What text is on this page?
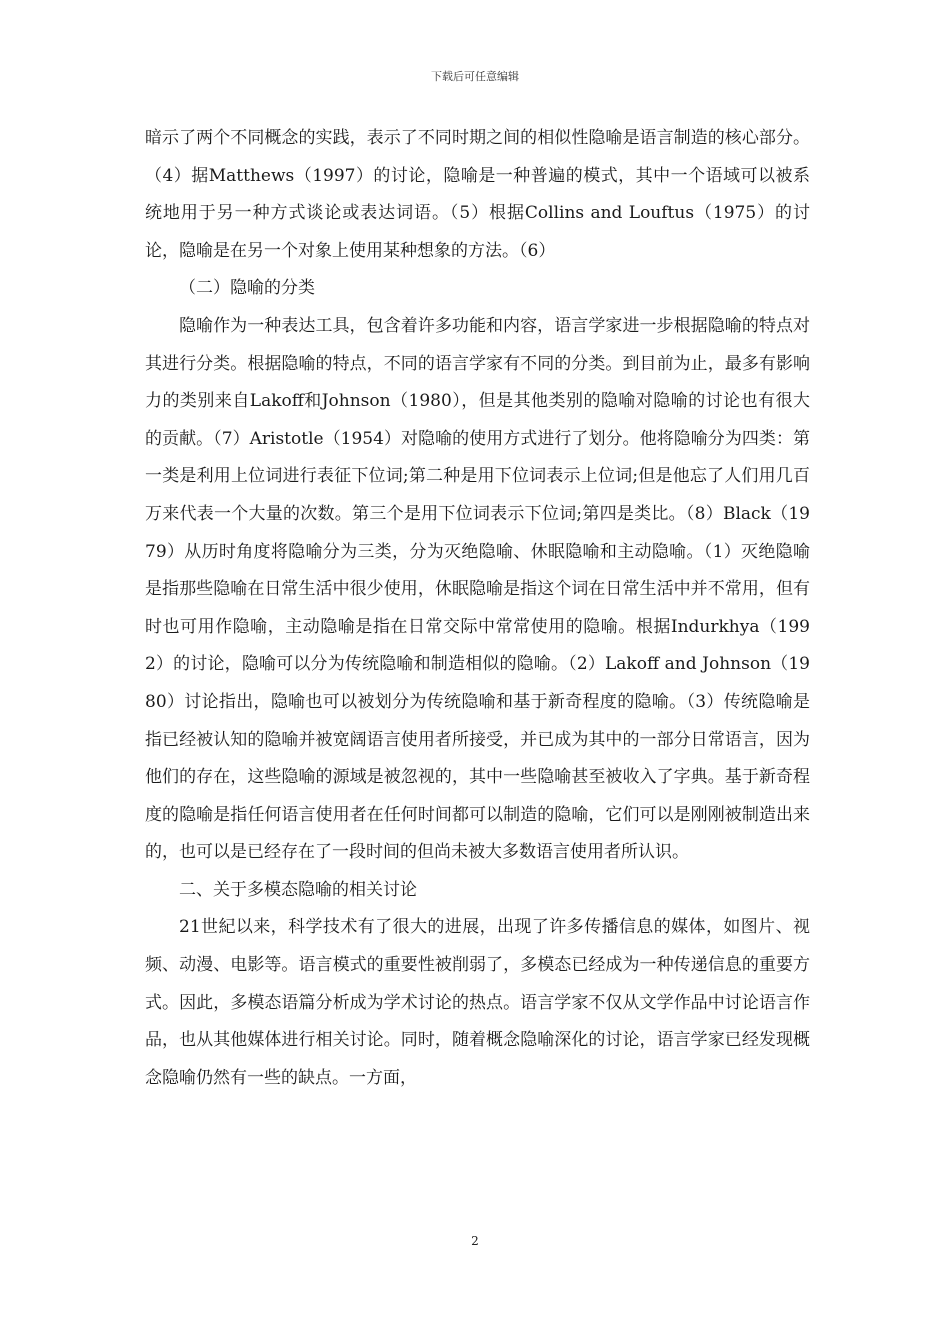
下载后可任意编辑

暗示了两个不同概念的实践，表示了不同时期之间的相似性隐喻是语言制造的核心部分。（4）据Matthews（1997）的讨论，隐喻是一种普遍的模式，其中一个语域可以被系统地用于另一种方式谈论或表达词语。（5）根据Collins and Louftus（1975）的讨论，隐喻是在另一个对象上使用某种想象的方法。（6）

（二）隐喻的分类

隐喻作为一种表达工具，包含着许多功能和内容，语言学家进一步根据隐喻的特点对其进行分类。根据隐喻的特点，不同的语言学家有不同的分类。到目前为止，最多有影响力的类别来自Lakoff和Johnson（1980），但是其他类别的隐喻对隐喻的讨论也有很大的贡献。（7）Aristotle（1954）对隐喻的使用方式进行了划分。他将隐喻分为四类：第一类是利用上位词进行表征下位词;第二种是用下位词表示上位词;但是他忘了人们用几百万来代表一个大量的次数。第三个是用下位词表示下位词;第四是类比。（8）Black（1979）从历时角度将隐喻分为三类，分为灭绝隐喻、休眠隐喻和主动隐喻。（1）灭绝隐喻是指那些隐喻在日常生活中很少使用，休眠隐喻是指这个词在日常生活中并不常用，但有时也可用作隐喻，主动隐喻是指在日常交际中常常使用的隐喻。根据Indurkhya（1992）的讨论，隐喻可以分为传统隐喻和制造相似的隐喻。（2）Lakoff and Johnson（1980）讨论指出，隐喻也可以被划分为传统隐喻和基于新奇程度的隐喻。（3）传统隐喻是指已经被认知的隐喻并被宽阔语言使用者所接受，并已成为其中的一部分日常语言，因为他们的存在，这些隐喻的源域是被忽视的，其中一些隐喻甚至被收入了字典。基于新奇程度的隐喻是指任何语言使用者在任何时间都可以制造的隐喻，它们可以是刚刚被制造出来的，也可以是已经存在了一段时间的但尚未被大多数语言使用者所认识。

二、关于多模态隐喻的相关讨论

21世紀以来，科学技术有了很大的进展，出现了许多传播信息的媒体，如图片、视频、动漫、电影等。语言模式的重要性被削弱了，多模态已经成为一种传递信息的重要方式。因此，多模态语篇分析成为学术讨论的热点。语言学家不仅从文学作品中讨论语言作品，也从其他媒体进行相关讨论。同时，随着概念隐喻深化的讨论，语言学家已经发现概念隐喻仍然有一些的缺点。一方面，

2
